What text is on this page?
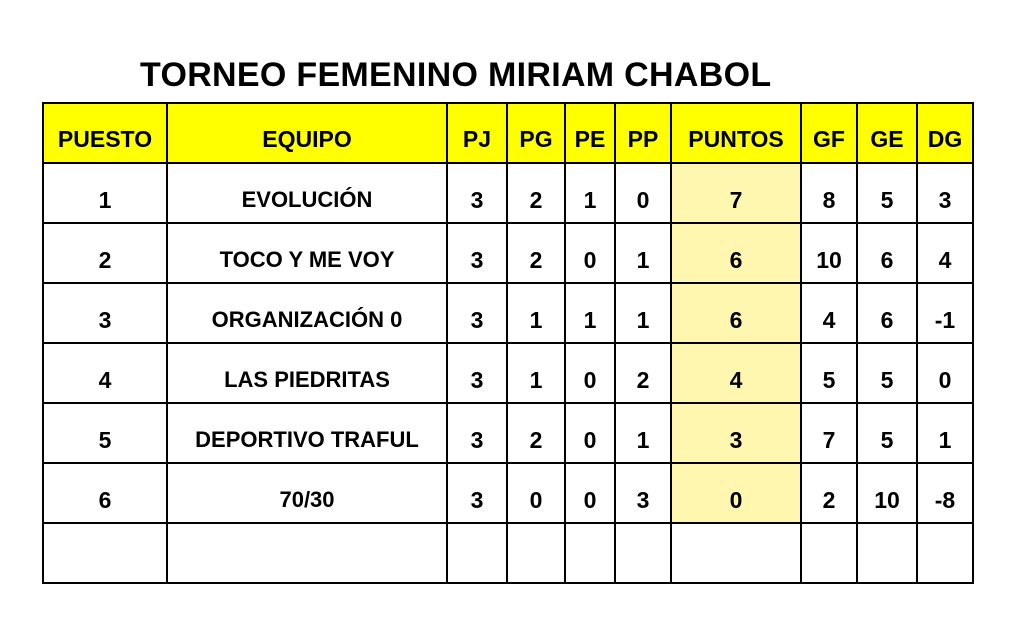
TORNEO FEMENINO MIRIAM CHABOL
PUESTO	EQUIPO	PJ	PG	PE	PP	PUNTOS	GF	GE	DG
1	EVOLUCIÓN	3	2	1	0	7	8	5	3
2	TOCO Y ME VOY	3	2	0	1	6	10	6	4
3	ORGANIZACIÓN 0	3	1	1	1	6	4	6	-1
4	LAS PIEDRITAS	3	1	0	2	4	5	5	0
5	DEPORTIVO TRAFUL	3	2	0	1	3	7	5	1
6	70/30	3	0	0	3	0	2	10	-8
